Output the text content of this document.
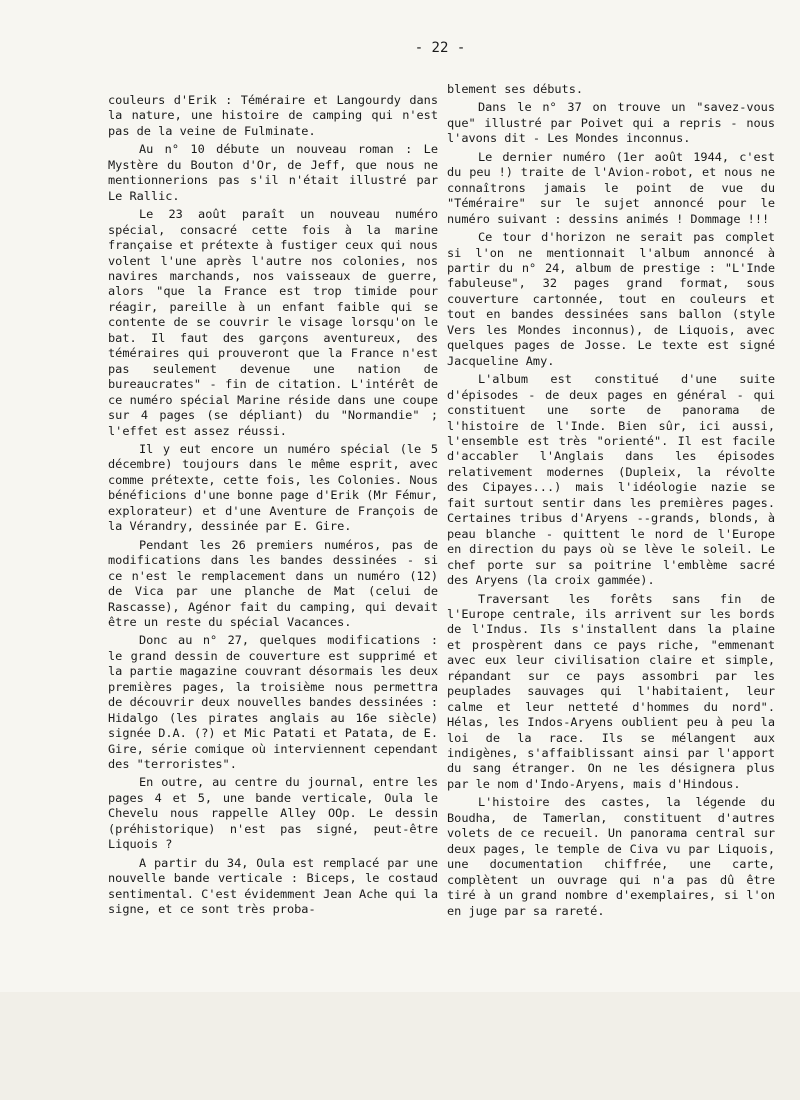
- 22 -

couleurs d'Erik : Téméraire et Langourdy dans la nature, une histoire de camping qui n'est pas de la veine de Fulminate.

Au n° 10 débute un nouveau roman : Le Mystère du Bouton d'Or, de Jeff, que nous ne mentionnerions pas s'il n'était illustré par Le Rallic.

Le 23 août paraît un nouveau numéro spécial, consacré cette fois à la marine française et prétexte à fustiger ceux qui nous volent l'une après l'autre nos colonies, nos navires marchands, nos vaisseaux de guerre, alors "que la France est trop timide pour réagir, pareille à un enfant faible qui se contente de se couvrir le visage lorsqu'on le bat. Il faut des garçons aventureux, des téméraires qui prouveront que la France n'est pas seulement devenue une nation de bureaucrates" - fin de citation. L'intérêt de ce numéro spécial Marine réside dans une coupe sur 4 pages (se dépliant) du "Normandie" ; l'effet est assez réussi.

Il y eut encore un numéro spécial (le 5 décembre) toujours dans le même esprit, avec comme prétexte, cette fois, les Colonies. Nous bénéficions d'une bonne page d'Erik (Mr Fémur, explorateur) et d'une Aventure de François de la Vérandry, dessinée par E. Gire.

Pendant les 26 premiers numéros, pas de modifications dans les bandes dessinées - si ce n'est le remplacement dans un numéro (12) de Vica par une planche de Mat (celui de Rascasse), Agénor fait du camping, qui devait être un reste du spécial Vacances.

Donc au n° 27, quelques modifications : le grand dessin de couverture est supprimé et la partie magazine couvrant désormais les deux premières pages, la troisième nous permettra de découvrir deux nouvelles bandes dessinées : Hidalgo (les pirates anglais au 16e siècle) signée D.A. (?) et Mic Patati et Patata, de E. Gire, série comique où interviennent cependant des "terroristes".

En outre, au centre du journal, entre les pages 4 et 5, une bande verticale, Oula le Chevelu nous rappelle Alley OOp. Le dessin (préhistorique) n'est pas signé, peut-être Liquois ?

A partir du 34, Oula est remplacé par une nouvelle bande verticale : Biceps, le costaud sentimental. C'est évidemment Jean Ache qui la signe, et ce sont très proba-

blement ses débuts.

Dans le n° 37 on trouve un "savez-vous que" illustré par Poivet qui a repris - nous l'avons dit - Les Mondes inconnus.

Le dernier numéro (1er août 1944, c'est du peu !) traite de l'Avion-robot, et nous ne connaîtrons jamais le point de vue du "Téméraire" sur le sujet annoncé pour le numéro suivant : dessins animés ! Dommage !!!

Ce tour d'horizon ne serait pas complet si l'on ne mentionnait l'album annoncé à partir du n° 24, album de prestige : "L'Inde fabuleuse", 32 pages grand format, sous couverture cartonnée, tout en couleurs et tout en bandes dessinées sans ballon (style Vers les Mondes inconnus), de Liquois, avec quelques pages de Josse. Le texte est signé Jacqueline Amy.

L'album est constitué d'une suite d'épisodes - de deux pages en général - qui constituent une sorte de panorama de l'histoire de l'Inde. Bien sûr, ici aussi, l'ensemble est très "orienté". Il est facile d'accabler l'Anglais dans les épisodes relativement modernes (Dupleix, la révolte des Cipayes...) mais l'idéologie nazie se fait surtout sentir dans les premières pages. Certaines tribus d'Aryens --grands, blonds, à peau blanche - quittent le nord de l'Europe en direction du pays où se lève le soleil. Le chef porte sur sa poitrine l'emblème sacré des Aryens (la croix gammée).

Traversant les forêts sans fin de l'Europe centrale, ils arrivent sur les bords de l'Indus. Ils s'installent dans la plaine et prospèrent dans ce pays riche, "emmenant avec eux leur civilisation claire et simple, répandant sur ce pays assombri par les peuplades sauvages qui l'habitaient, leur calme et leur netteté d'hommes du nord". Hélas, les Indos-Aryens oublient peu à peu la loi de la race. Ils se mélangent aux indigènes, s'affaiblissant ainsi par l'apport du sang étranger. On ne les désignera plus par le nom d'Indo-Aryens, mais d'Hindous.

L'histoire des castes, la légende du Boudha, de Tamerlan, constituent d'autres volets de ce recueil. Un panorama central sur deux pages, le temple de Civa vu par Liquois, une documentation chiffrée, une carte, complètent un ouvrage qui n'a pas dû être tiré à un grand nombre d'exemplaires, si l'on en juge par sa rareté.
